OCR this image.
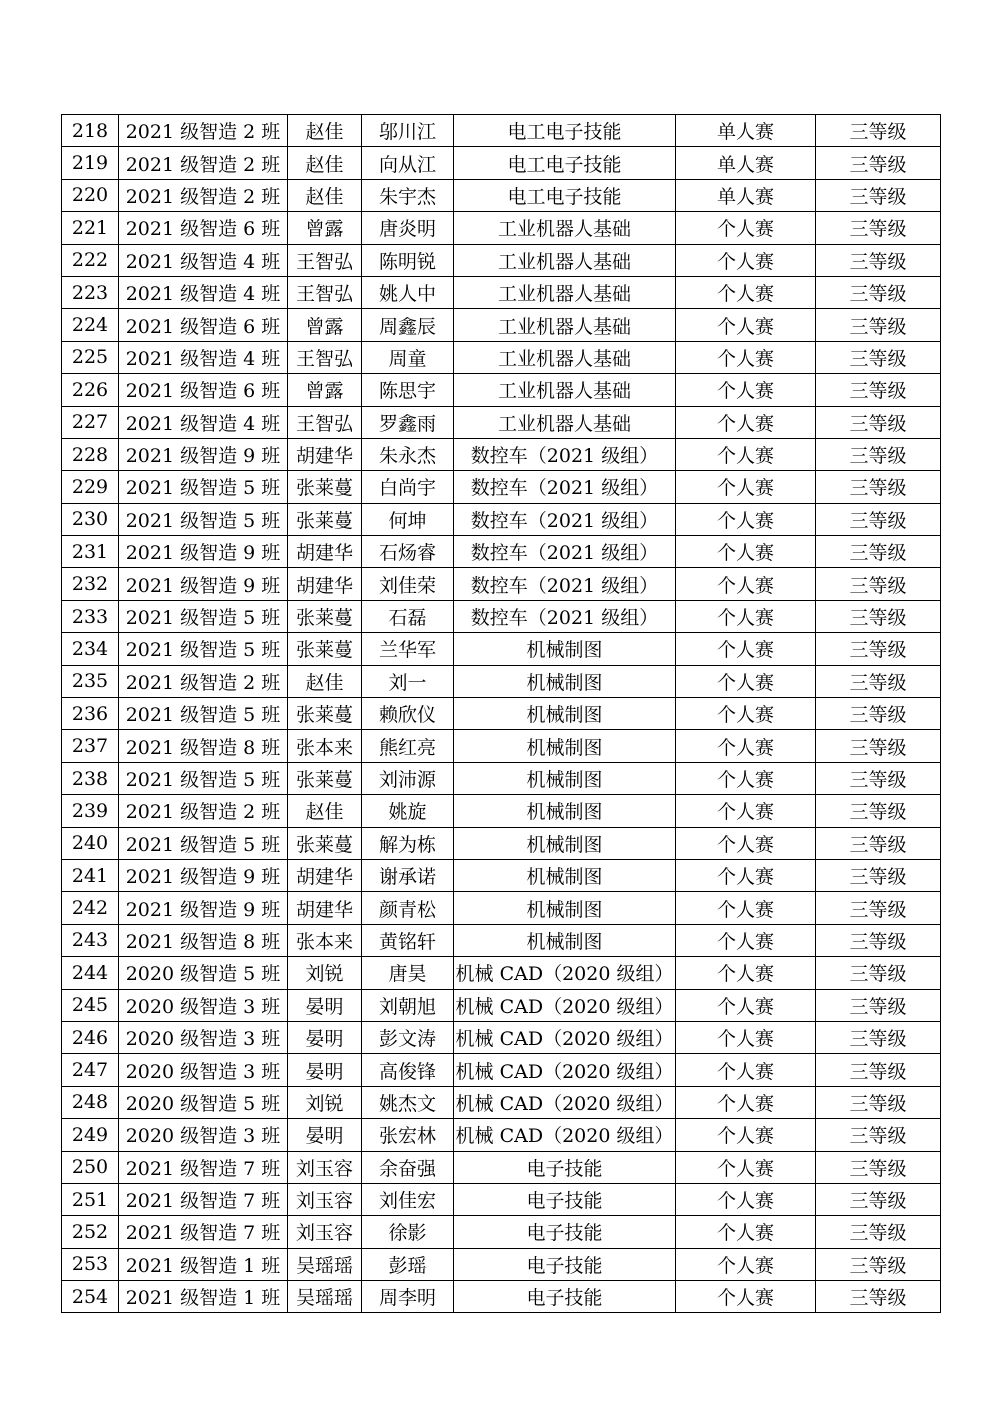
218	2021 级智造 2 班	赵佳	邬川江	电工电子技能	单人赛	三等级
219	2021 级智造 2 班	赵佳	向从江	电工电子技能	单人赛	三等级
220	2021 级智造 2 班	赵佳	朱宇杰	电工电子技能	单人赛	三等级
221	2021 级智造 6 班	曾露	唐炎明	工业机器人基础	个人赛	三等级
222	2021 级智造 4 班	王智弘	陈明锐	工业机器人基础	个人赛	三等级
223	2021 级智造 4 班	王智弘	姚人中	工业机器人基础	个人赛	三等级
224	2021 级智造 6 班	曾露	周鑫辰	工业机器人基础	个人赛	三等级
225	2021 级智造 4 班	王智弘	周童	工业机器人基础	个人赛	三等级
226	2021 级智造 6 班	曾露	陈思宇	工业机器人基础	个人赛	三等级
227	2021 级智造 4 班	王智弘	罗鑫雨	工业机器人基础	个人赛	三等级
228	2021 级智造 9 班	胡建华	朱永杰	数控车（2021 级组）	个人赛	三等级
229	2021 级智造 5 班	张莱蔓	白尚宇	数控车（2021 级组）	个人赛	三等级
230	2021 级智造 5 班	张莱蔓	何坤	数控车（2021 级组）	个人赛	三等级
231	2021 级智造 9 班	胡建华	石炀睿	数控车（2021 级组）	个人赛	三等级
232	2021 级智造 9 班	胡建华	刘佳荣	数控车（2021 级组）	个人赛	三等级
233	2021 级智造 5 班	张莱蔓	石磊	数控车（2021 级组）	个人赛	三等级
234	2021 级智造 5 班	张莱蔓	兰华军	机械制图	个人赛	三等级
235	2021 级智造 2 班	赵佳	刘一	机械制图	个人赛	三等级
236	2021 级智造 5 班	张莱蔓	赖欣仪	机械制图	个人赛	三等级
237	2021 级智造 8 班	张本来	熊红亮	机械制图	个人赛	三等级
238	2021 级智造 5 班	张莱蔓	刘沛源	机械制图	个人赛	三等级
239	2021 级智造 2 班	赵佳	姚旋	机械制图	个人赛	三等级
240	2021 级智造 5 班	张莱蔓	解为栋	机械制图	个人赛	三等级
241	2021 级智造 9 班	胡建华	谢承诺	机械制图	个人赛	三等级
242	2021 级智造 9 班	胡建华	颜青松	机械制图	个人赛	三等级
243	2021 级智造 8 班	张本来	黄铭轩	机械制图	个人赛	三等级
244	2020 级智造 5 班	刘锐	唐昊	机械 CAD（2020 级组）	个人赛	三等级
245	2020 级智造 3 班	晏明	刘朝旭	机械 CAD（2020 级组）	个人赛	三等级
246	2020 级智造 3 班	晏明	彭文涛	机械 CAD（2020 级组）	个人赛	三等级
247	2020 级智造 3 班	晏明	高俊锋	机械 CAD（2020 级组）	个人赛	三等级
248	2020 级智造 5 班	刘锐	姚杰文	机械 CAD（2020 级组）	个人赛	三等级
249	2020 级智造 3 班	晏明	张宏林	机械 CAD（2020 级组）	个人赛	三等级
250	2021 级智造 7 班	刘玉容	余奋强	电子技能	个人赛	三等级
251	2021 级智造 7 班	刘玉容	刘佳宏	电子技能	个人赛	三等级
252	2021 级智造 7 班	刘玉容	徐影	电子技能	个人赛	三等级
253	2021 级智造 1 班	吴瑶瑶	彭瑶	电子技能	个人赛	三等级
254	2021 级智造 1 班	吴瑶瑶	周李明	电子技能	个人赛	三等级
